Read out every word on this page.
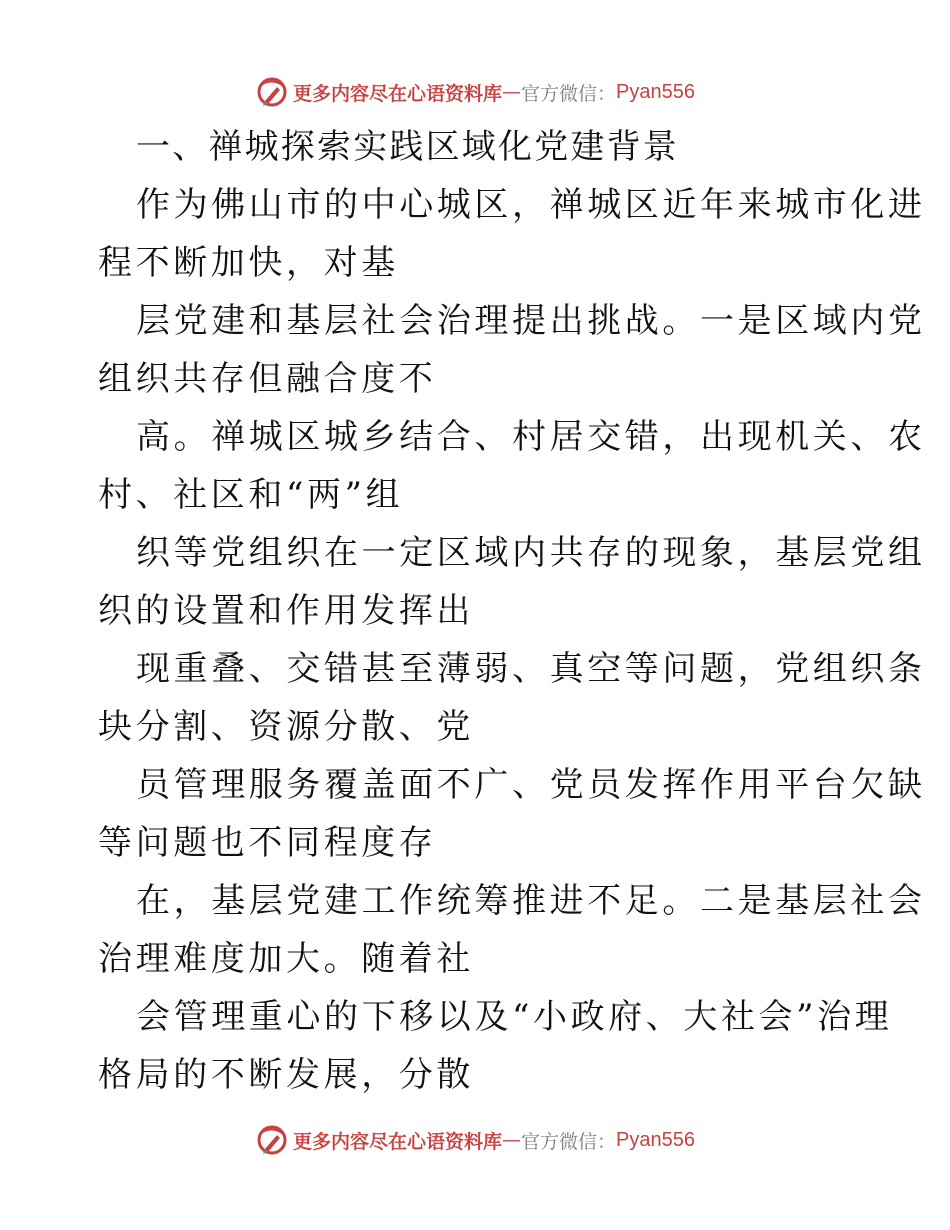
更多内容尽在心语资料库 — 官方微信： Pyan556
一、禅城探索实践区域化党建背景
作为佛山市的中心城区，禅城区近年来城市化进
程不断加快，对基
层党建和基层社会治理提出挑战。一是区域内党
组织共存但融合度不
高。禅城区城乡结合、村居交错，出现机关、农
村、社区和“两”组
织等党组织在一定区域内共存的现象，基层党组
织的设置和作用发挥出
现重叠、交错甚至薄弱、真空等问题，党组织条
块分割、资源分散、党
员管理服务覆盖面不广、党员发挥作用平台欠缺
等问题也不同程度存
在，基层党建工作统筹推进不足。二是基层社会
治理难度加大。随着社
会管理重心的下移以及“小政府、大社会”治理
格局的不断发展，分散
更多内容尽在心语资料库 — 官方微信： Pyan556
